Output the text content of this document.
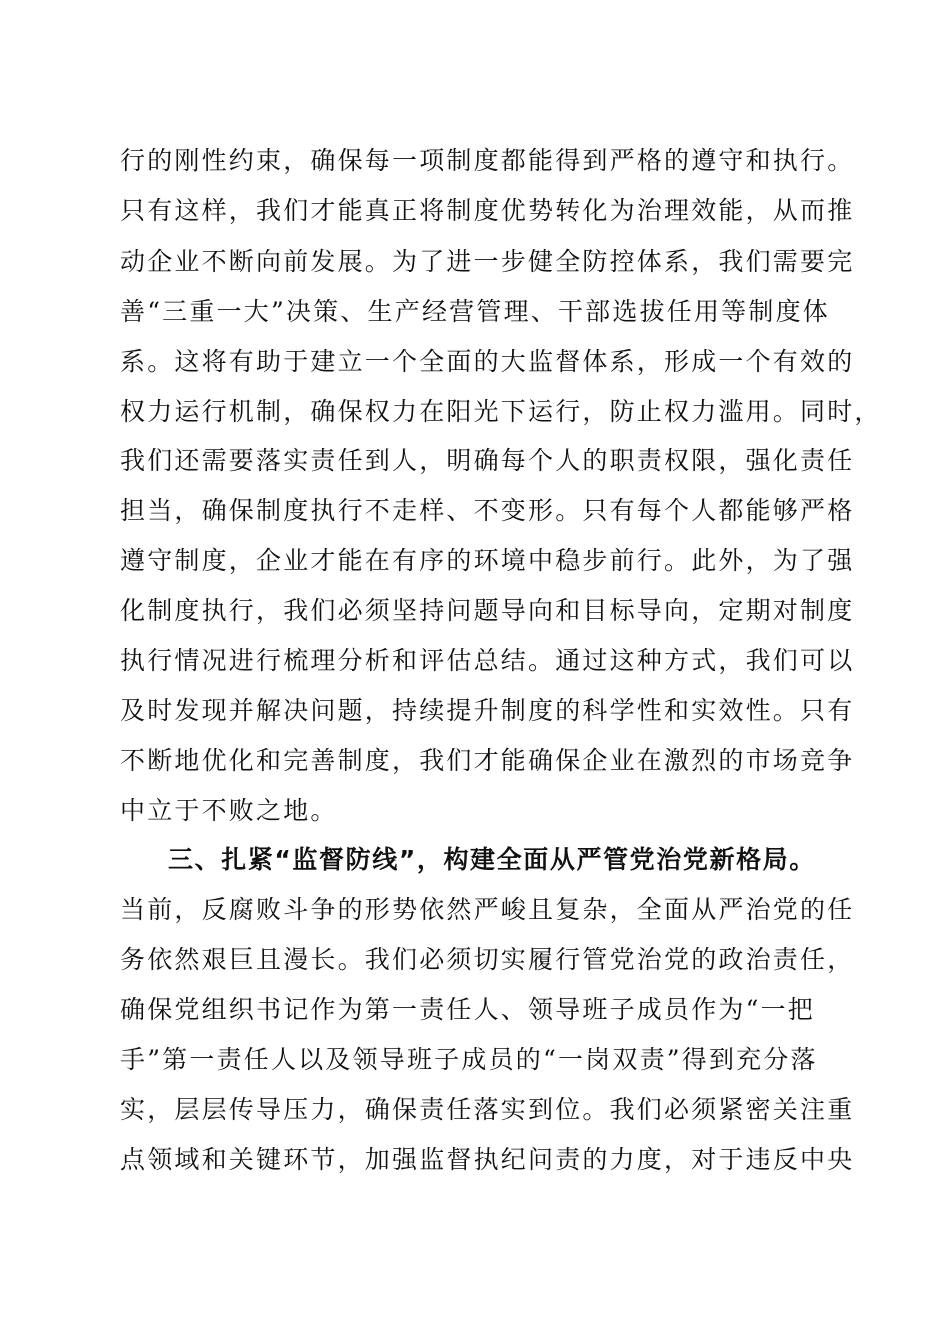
行的刚性约束，确保每一项制度都能得到严格的遵守和执行。
只有这样，我们才能真正将制度优势转化为治理效能，从而推
动企业不断向前发展。为了进一步健全防控体系，我们需要完
善“三重一大”决策、生产经营管理、干部选拔任用等制度体
系。这将有助于建立一个全面的大监督体系，形成一个有效的
权力运行机制，确保权力在阳光下运行，防止权力滥用。同时，
我们还需要落实责任到人，明确每个人的职责权限，强化责任
担当，确保制度执行不走样、不变形。只有每个人都能够严格
遵守制度，企业才能在有序的环境中稳步前行。此外，为了强
化制度执行，我们必须坚持问题导向和目标导向，定期对制度
执行情况进行梳理分析和评估总结。通过这种方式，我们可以
及时发现并解决问题，持续提升制度的科学性和实效性。只有
不断地优化和完善制度，我们才能确保企业在激烈的市场竞争
中立于不败之地。
三、扎紧“监督防线”，构建全面从严管党治党新格局。
当前，反腐败斗争的形势依然严峻且复杂，全面从严治党的任
务依然艰巨且漫长。我们必须切实履行管党治党的政治责任，
确保党组织书记作为第一责任人、领导班子成员作为“一把
手”第一责任人以及领导班子成员的“一岗双责”得到充分落
实，层层传导压力，确保责任落实到位。我们必须紧密关注重
点领域和关键环节，加强监督执纪问责的力度，对于违反中央
